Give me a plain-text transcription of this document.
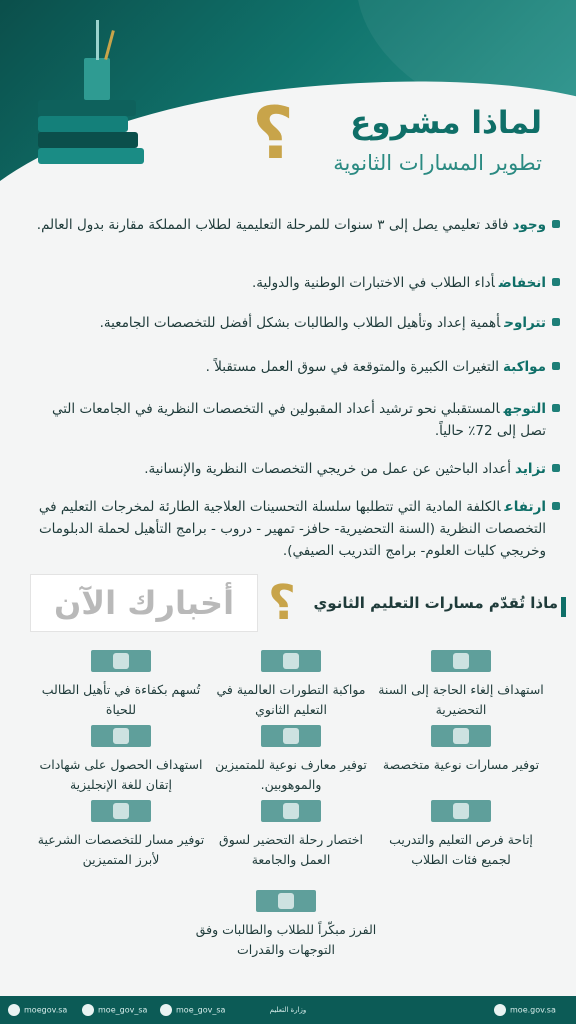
لماذا مشروع
تطوير المسارات الثانوية
؟
وجودفاقد تعليمي يصل إلى ٣ سنوات للمرحلة التعليمية لطلاب المملكة مقارنة بدول العالم.
انخفاضأداء الطلاب في الاختبارات الوطنية والدولية.
تتراوحأهمية إعداد وتأهيل الطلاب والطالبات بشكل أفضل للتخصصات الجامعية.
مواكبةالتغيرات الكبيرة والمتوقعة في سوق العمل مستقبلاً .
التوجهالمستقبلي نحو ترشيد أعداد المقبولين في التخصصات النظرية في الجامعات التي تصل إلى 72٪ حالياً.
تزايدأعداد الباحثين عن عمل من خريجي التخصصات النظرية والإنسانية.
ارتفاعالكلفة المادية التي تتطلبها سلسلة التحسينات العلاجية الطارئة لمخرجات التعليم في التخصصات النظرية (السنة التحضيرية- حافز- تمهير - دروب - برامج التأهيل لحملة الدبلومات وخريجي كليات العلوم- برامج التدريب الصيفي).
أخبارك الآن	ماذا تُقدّم مسارات التعليم الثانوي
؟
استهداف إلغاء الحاجة إلى السنة التحضيرية
مواكبة التطورات العالمية في التعليم الثانوي
تُسهم بكفاءة في تأهيل الطالب للحياة
توفير مسارات نوعية متخصصة
توفير معارف نوعية للمتميزين والموهوبين.
استهداف الحصول على شهادات إتقان للغة الإنجليزية
إتاحة فرص التعليم والتدريب لجميع فئات الطلاب
اختصار رحلة التحضير لسوق العمل والجامعة
توفير مسار للتخصصات الشرعية لأبرز المتميزين
الفرز مبكّراً للطلاب والطالبات وفق التوجهات والقدرات
moegov.sa	moe_gov_sa	moe_gov_sa	وزارة التعليم	moe.gov.sa
